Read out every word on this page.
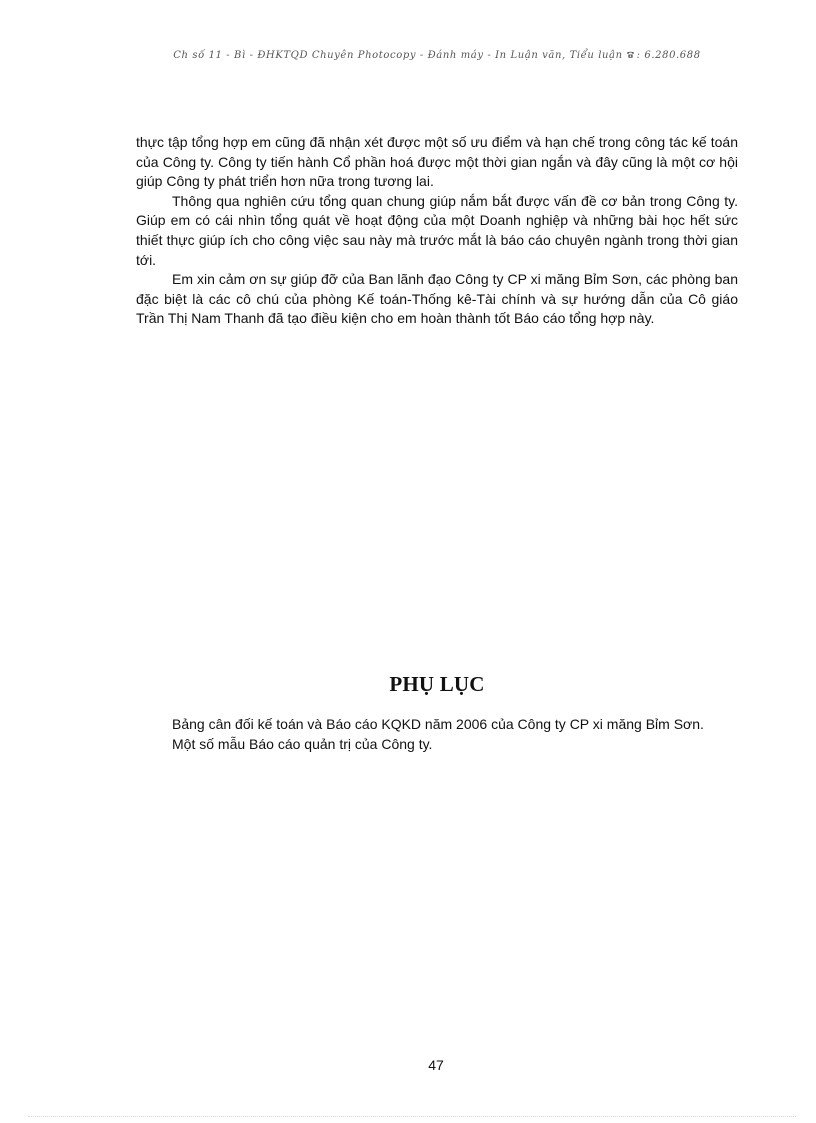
Ch số 11 - Bì - ĐHKTQD Chuyên Photocopy - Đánh máy - In Luận văn, Tiểu luận : 6.280.688

thực tập tổng hợp em cũng đã nhận xét được một số ưu điểm và hạn chế trong công tác kế toán của Công ty. Công ty tiến hành Cổ phần hoá được một thời gian ngắn và đây cũng là một cơ hội giúp Công ty phát triển hơn nữa trong tương lai.

Thông qua nghiên cứu tổng quan chung giúp nắm bắt được vấn đề cơ bản trong Công ty. Giúp em có cái nhìn tổng quát về hoạt động của một Doanh nghiệp và những bài học hết sức thiết thực giúp ích cho công việc sau này mà trước mắt là báo cáo chuyên ngành trong thời gian tới.

Em xin cảm ơn sự giúp đỡ của Ban lãnh đạo Công ty CP xi măng Bỉm Sơn, các phòng ban đặc biệt là các cô chú của phòng Kế toán-Thống kê-Tài chính và sự hướng dẫn của Cô giáo Trần Thị Nam Thanh đã tạo điều kiện cho em hoàn thành tốt Báo cáo tổng hợp này.

PHỤ LỤC

Bảng cân đối kế toán và Báo cáo KQKD năm 2006 của Công ty CP xi măng Bỉm Sơn.

Một số mẫu Báo cáo quản trị của Công ty.

47
